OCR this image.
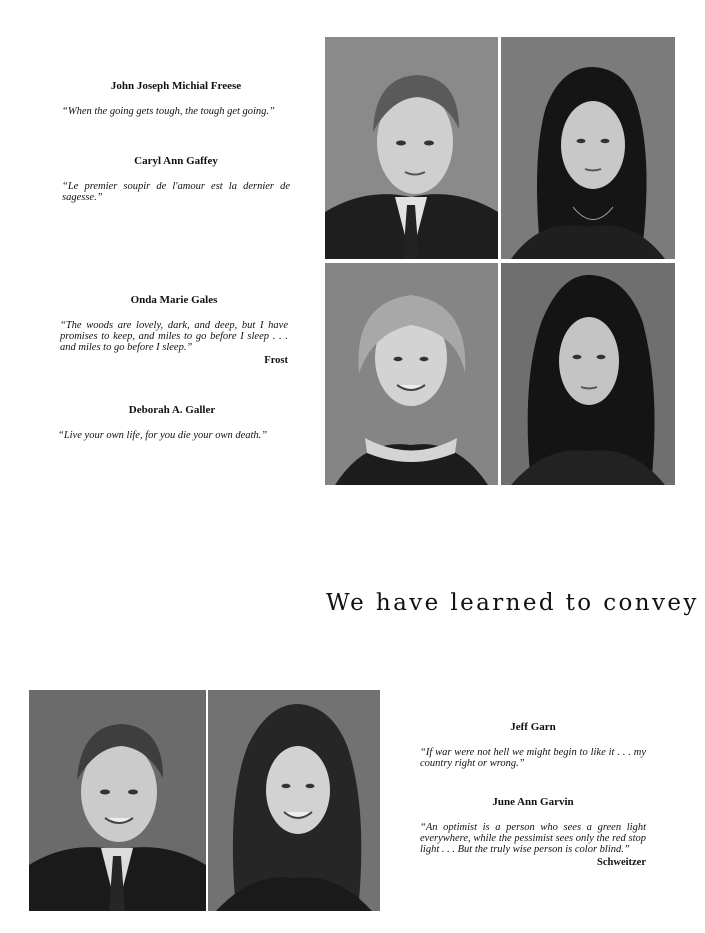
John Joseph Michial Freese

“When the going gets tough, the tough get going.”

Caryl Ann Gaffey

“Le premier soupir de l'amour est la dernier de sagesse.”

Onda Marie Gales

“The woods are lovely, dark, and deep, but I have promises to keep, and miles to go before I sleep . . . and miles to go before I sleep.”

Frost

Deborah A. Galler

“Live your own life, for you die your own death.”

We have learned to convey

Jeff Garn

“If war were not hell we might begin to like it . . . my country right or wrong.”

June Ann Garvin

“An optimist is a person who sees a green light everywhere, while the pessimist sees only the red stop light . . . But the truly wise person is color blind.”

Schweitzer
